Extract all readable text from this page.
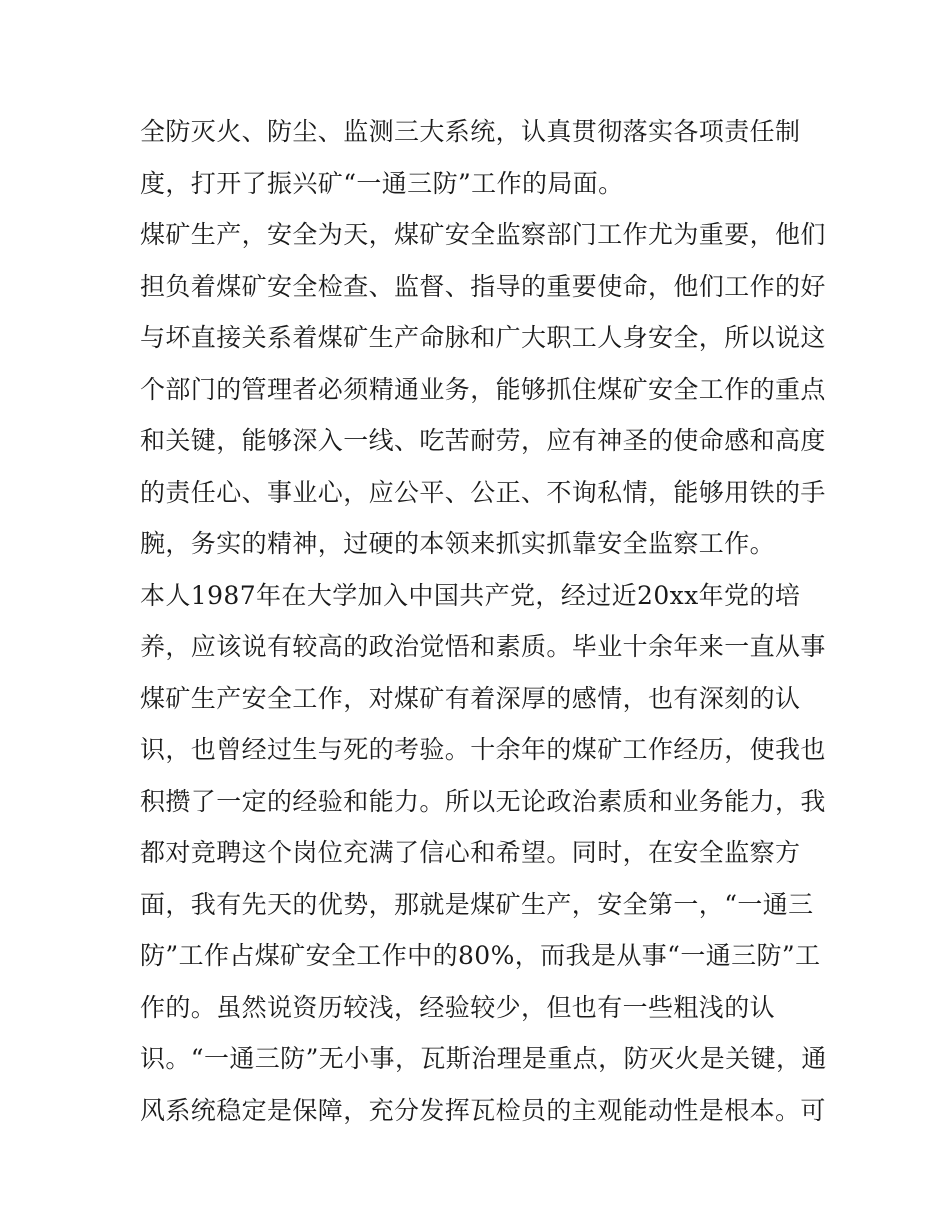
全防灭火、防尘、监测三大系统，认真贯彻落实各项责任制
度，打开了振兴矿“一通三防”工作的局面。
煤矿生产，安全为天，煤矿安全监察部门工作尤为重要，他们
担负着煤矿安全检查、监督、指导的重要使命，他们工作的好
与坏直接关系着煤矿生产命脉和广大职工人身安全，所以说这
个部门的管理者必须精通业务，能够抓住煤矿安全工作的重点
和关键，能够深入一线、吃苦耐劳，应有神圣的使命感和高度
的责任心、事业心，应公平、公正、不询私情，能够用铁的手
腕，务实的精神，过硬的本领来抓实抓靠安全监察工作。
本人1987年在大学加入中国共产党，经过近20xx年党的培
养，应该说有较高的政治觉悟和素质。毕业十余年来一直从事
煤矿生产安全工作，对煤矿有着深厚的感情，也有深刻的认
识，也曾经过生与死的考验。十余年的煤矿工作经历，使我也
积攒了一定的经验和能力。所以无论政治素质和业务能力，我
都对竞聘这个岗位充满了信心和希望。同时，在安全监察方
面，我有先天的优势，那就是煤矿生产，安全第一，“一通三
防”工作占煤矿安全工作中的80%，而我是从事“一通三防”工
作的。虽然说资历较浅，经验较少，但也有一些粗浅的认
识。“一通三防”无小事，瓦斯治理是重点，防灭火是关键，通
风系统稳定是保障，充分发挥瓦检员的主观能动性是根本。可
